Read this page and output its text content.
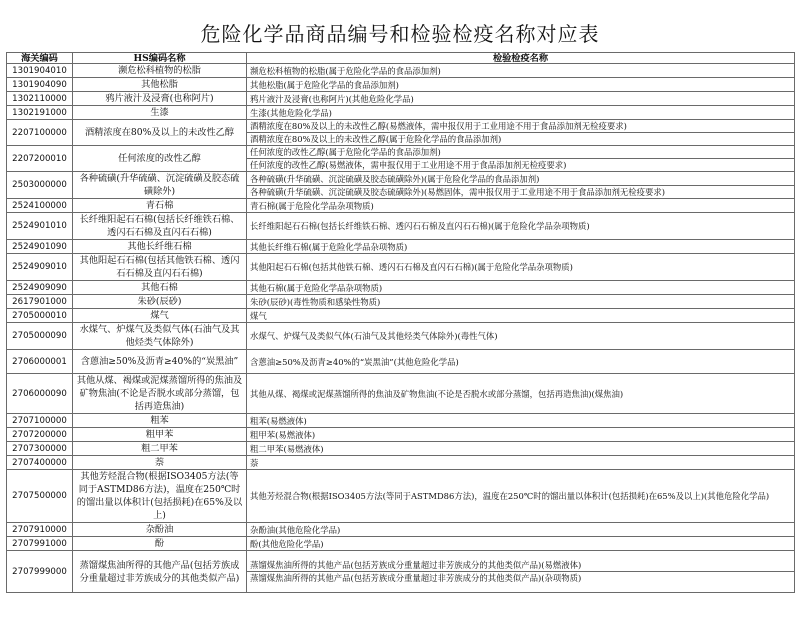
危险化学品商品编号和检验检疫名称对应表
海关编码	HS编码名称	检验检疫名称
1301904010	濒危松科植物的松脂	濒危松科植物的松脂(属于危险化学品的食品添加剂)
1301904090	其他松脂	其他松脂(属于危险化学品的食品添加剂)
1302110000	鸦片液汁及浸膏(也称阿片)	鸦片液汁及浸膏(也称阿片)(其他危险化学品)
1302191000	生漆	生漆(其他危险化学品)
2207100000	酒精浓度在80%及以上的未改性乙醇	酒精浓度在80%及以上的未改性乙醇(易燃液体，需申报仅用于工业用途不用于食品添加剂无检疫要求)
酒精浓度在80%及以上的未改性乙醇(属于危险化学品的食品添加剂)

2207200010	任何浓度的改性乙醇	任何浓度的改性乙醇(属于危险化学品的食品添加剂)
任何浓度的改性乙醇(易燃液体，需申报仅用于工业用途不用于食品添加剂无检疫要求)

2503000000	各种硫磺(升华硫磺、沉淀硫磺及胶态硫磺除外)	各种硫磺(升华硫磺、沉淀硫磺及胶态硫磺除外)(属于危险化学品的食品添加剂)
各种硫磺(升华硫磺、沉淀硫磺及胶态硫磺除外)(易燃固体，需申报仅用于工业用途不用于食品添加剂无检疫要求)

2524100000	青石棉	青石棉(属于危险化学品杂项物质)
2524901010	长纤维阳起石石棉(包括长纤维铁石棉、透闪石石棉及直闪石石棉)	长纤维阳起石石棉(包括长纤维铁石棉、透闪石石棉及直闪石石棉)(属于危险化学品杂项物质)
2524901090	其他长纤维石棉	其他长纤维石棉(属于危险化学品杂项物质)
2524909010	其他阳起石石棉(包括其他铁石棉、透闪石石棉及直闪石石棉)	其他阳起石石棉(包括其他铁石棉、透闪石石棉及直闪石石棉)(属于危险化学品杂项物质)
2524909090	其他石棉	其他石棉(属于危险化学品杂项物质)
2617901000	朱砂(辰砂)	朱砂(辰砂)(毒性物质和感染性物质)
2705000010	煤气	煤气
2705000090	水煤气、炉煤气及类似气体(石油气及其他烃类气体除外)	水煤气、炉煤气及类似气体(石油气及其他烃类气体除外)(毒性气体)
2706000001	含蒽油≥50%及沥青≥40%的“炭黑油”	含蒽油≥50%及沥青≥40%的“炭黑油”(其他危险化学品)
2706000090	其他从煤、褐煤或泥煤蒸馏所得的焦油及矿物焦油(不论是否脱水或部分蒸馏，包括再造焦油)	其他从煤、褐煤或泥煤蒸馏所得的焦油及矿物焦油(不论是否脱水或部分蒸馏，包括再造焦油)(煤焦油)
2707100000	粗苯	粗苯(易燃液体)
2707200000	粗甲苯	粗甲苯(易燃液体)
2707300000	粗二甲苯	粗二甲苯(易燃液体)
2707400000	萘	萘
2707500000	其他芳烃混合物(根据ISO3405方法(等同于ASTMD86方法)，温度在250℃时的馏出量以体积计(包括损耗)在65%及以上)	其他芳烃混合物(根据ISO3405方法(等同于ASTMD86方法)，温度在250℃时的馏出量以体积计(包括损耗)在65%及以上)(其他危险化学品)
2707910000	杂酚油	杂酚油(其他危险化学品)
2707991000	酚	酚(其他危险化学品)
2707999000	蒸馏煤焦油所得的其他产品(包括芳族成分重量超过非芳族成分的其他类似产品)	蒸馏煤焦油所得的其他产品(包括芳族成分重量超过非芳族成分的其他类似产品)(易燃液体)
蒸馏煤焦油所得的其他产品(包括芳族成分重量超过非芳族成分的其他类似产品)(杂项物质)
